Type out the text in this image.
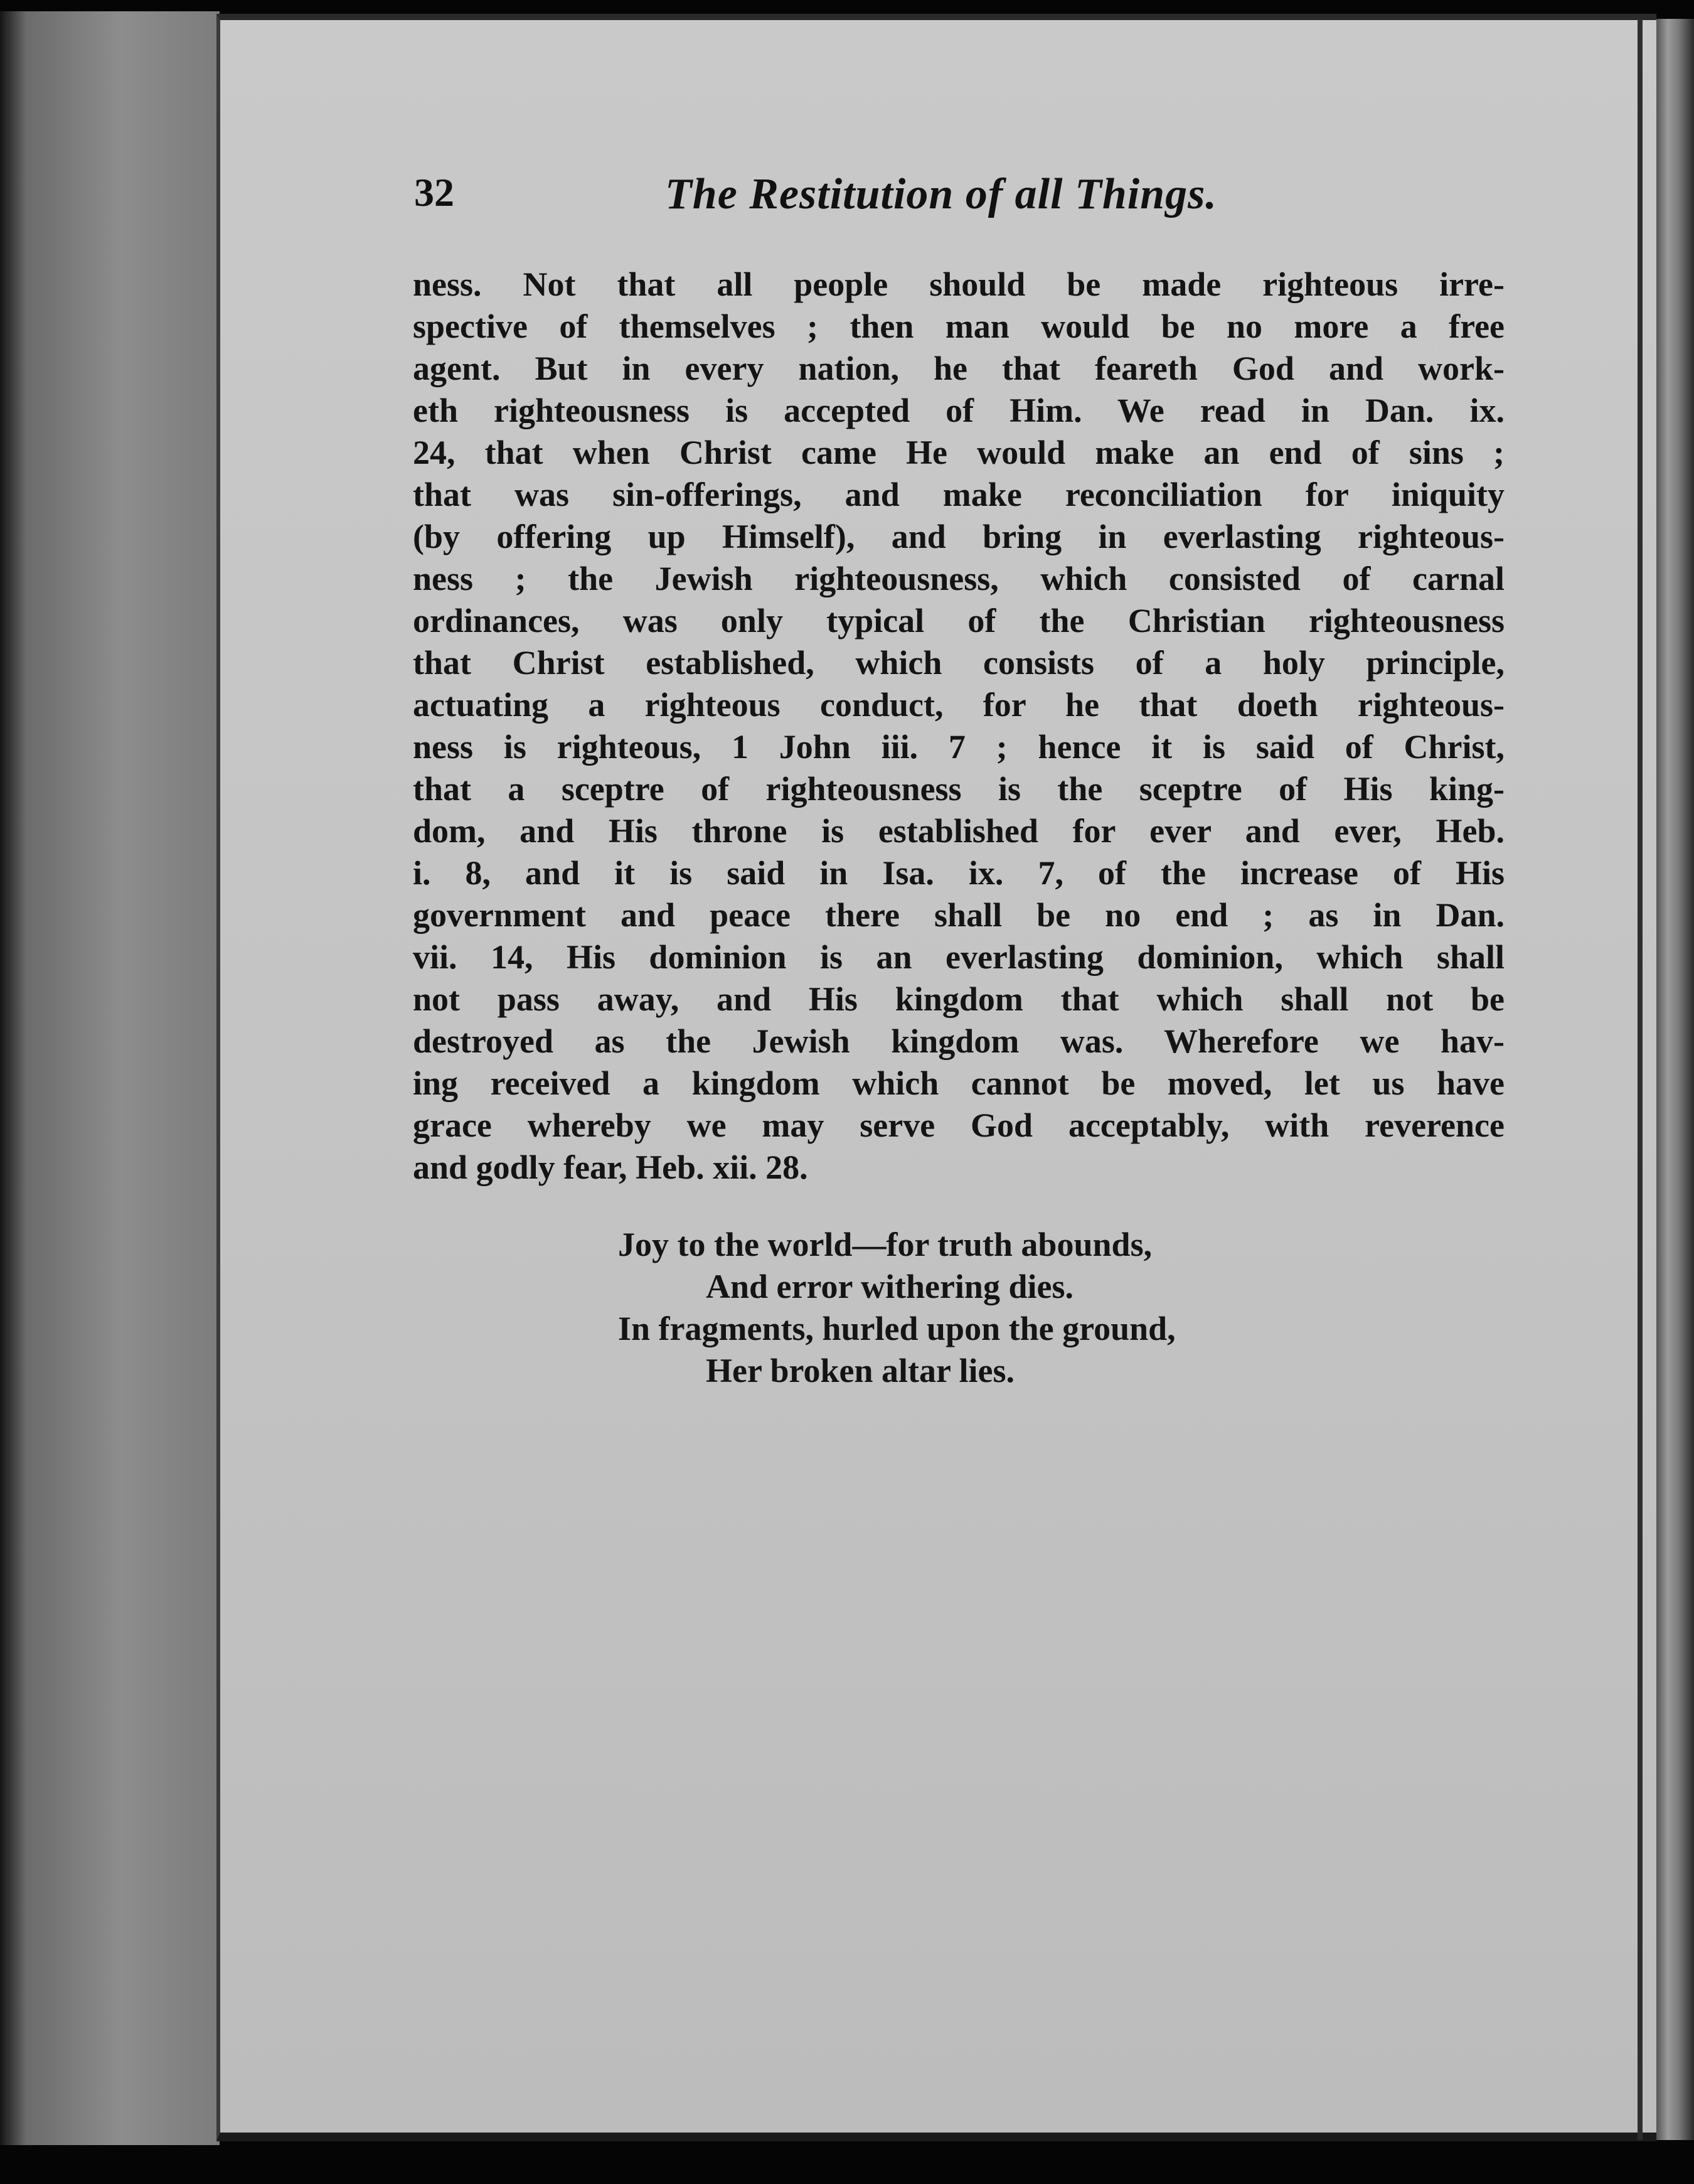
32	The Restitution of all Things.
ness. Not that all people should be made righteous irre-
spective of themselves ; then man would be no more a free
agent. But in every nation, he that feareth God and work-
eth righteousness is accepted of Him. We read in Dan. ix.
24, that when Christ came He would make an end of sins ;
that was sin-offerings, and make reconciliation for iniquity
(by offering up Himself), and bring in everlasting righteous-
ness ; the Jewish righteousness, which consisted of carnal
ordinances, was only typical of the Christian righteousness
that Christ established, which consists of a holy principle,
actuating a righteous conduct, for he that doeth righteous-
ness is righteous, 1 John iii. 7 ; hence it is said of Christ,
that a sceptre of righteousness is the sceptre of His king-
dom, and His throne is established for ever and ever, Heb.
i. 8, and it is said in Isa. ix. 7, of the increase of His
government and peace there shall be no end ; as in Dan.
vii. 14, His dominion is an everlasting dominion, which shall
not pass away, and His kingdom that which shall not be
destroyed as the Jewish kingdom was. Wherefore we hav-
ing received a kingdom which cannot be moved, let us have
grace whereby we may serve God acceptably, with reverence
and godly fear, Heb. xii. 28.
Joy to the world—for truth abounds,
And error withering dies.
In fragments, hurled upon the ground,
Her broken altar lies.
